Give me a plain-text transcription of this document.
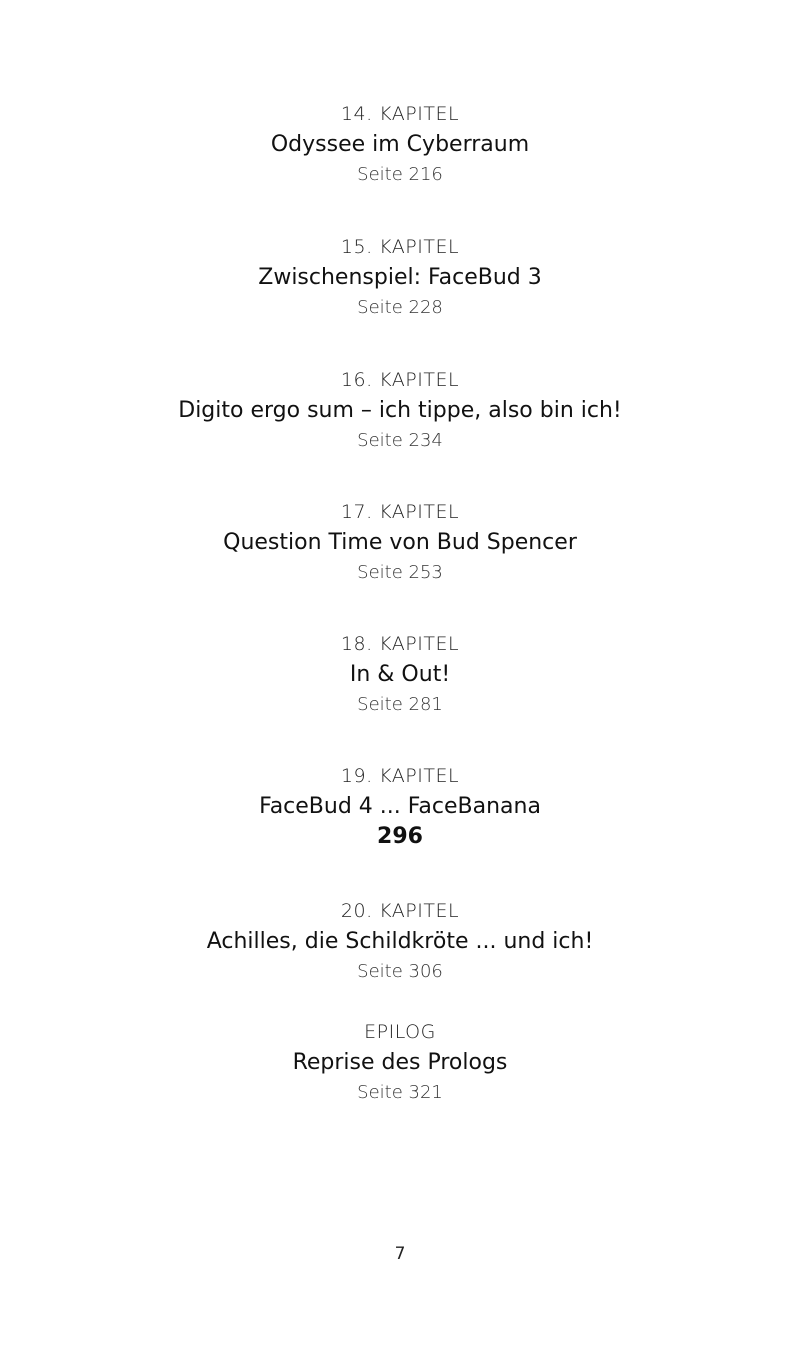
14. KAPITEL
Odyssee im Cyberraum
Seite 216
15. KAPITEL
Zwischenspiel: FaceBud 3
Seite 228
16. KAPITEL
Digito ergo sum – ich tippe, also bin ich!
Seite 234
17. KAPITEL
Question Time von Bud Spencer
Seite 253
18. KAPITEL
In & Out!
Seite 281
19. KAPITEL
FaceBud 4 ... FaceBanana
296
20. KAPITEL
Achilles, die Schildkröte ... und ich!
Seite 306
EPILOG
Reprise des Prologs
Seite 321
7
